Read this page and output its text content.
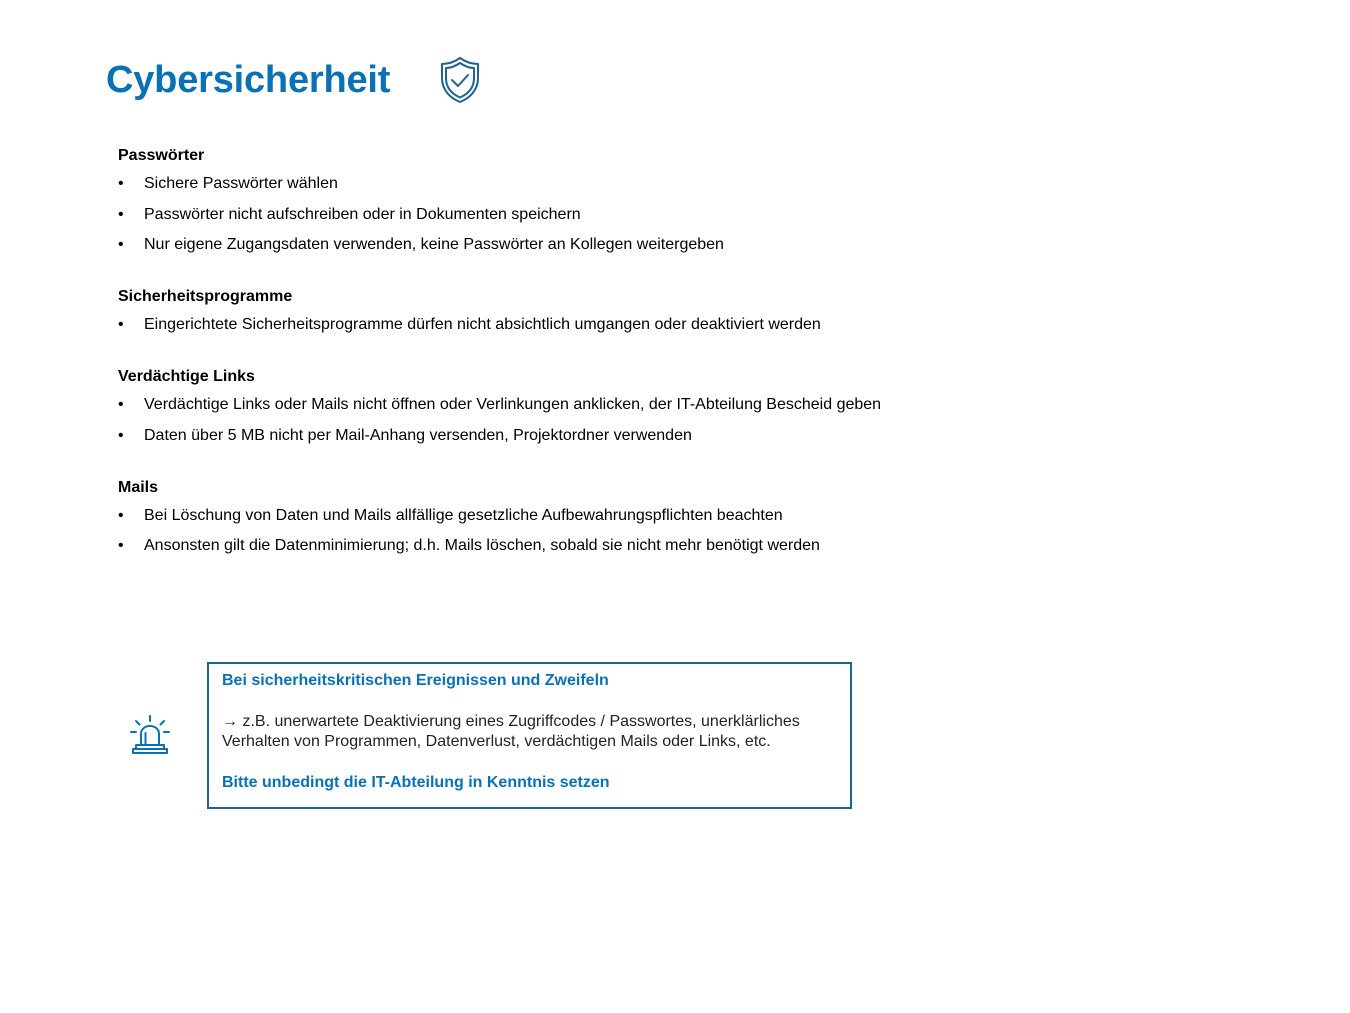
Cybersicherheit
Passwörter
• Sichere Passwörter wählen
• Passwörter nicht aufschreiben oder in Dokumenten speichern
• Nur eigene Zugangsdaten verwenden, keine Passwörter an Kollegen weitergeben
Sicherheitsprogramme
• Eingerichtete Sicherheitsprogramme dürfen nicht absichtlich umgangen oder deaktiviert werden
Verdächtige Links
• Verdächtige Links oder Mails nicht öffnen oder Verlinkungen anklicken, der IT-Abteilung Bescheid geben
• Daten über 5 MB nicht per Mail-Anhang versenden, Projektordner verwenden
Mails
• Bei Löschung von Daten und Mails allfällige gesetzliche Aufbewahrungspflichten beachten
• Ansonsten gilt die Datenminimierung; d.h. Mails löschen, sobald sie nicht mehr benötigt werden
Bei sicherheitskritischen Ereignissen und Zweifeln
→ z.B. unerwartete Deaktivierung eines Zugriffcodes / Passwortes, unerklärliches Verhalten von Programmen, Datenverlust, verdächtigen Mails oder Links, etc.
Bitte unbedingt die IT-Abteilung in Kenntnis setzen
